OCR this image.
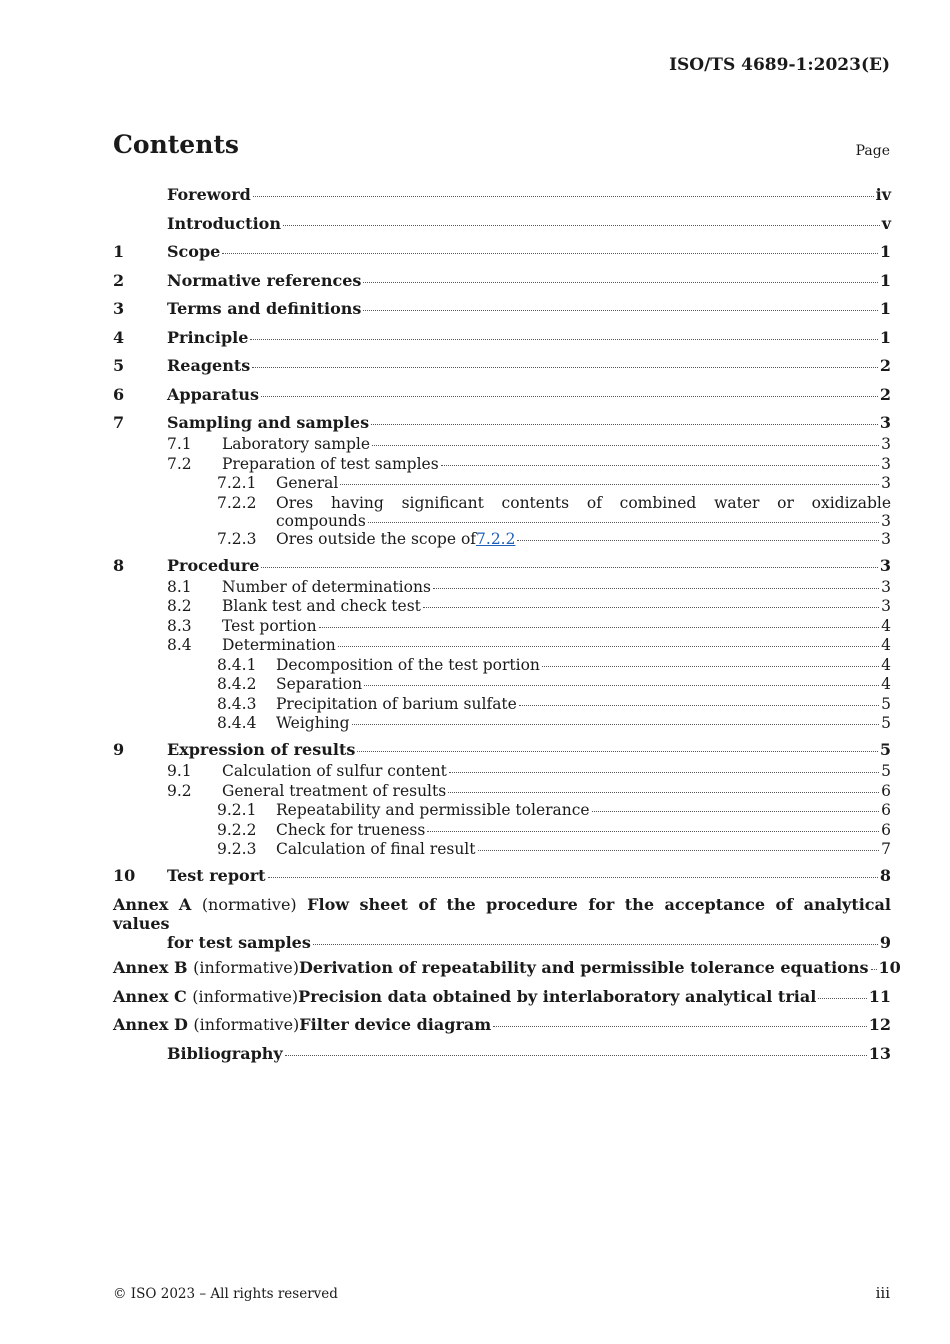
ISO/TS 4689-1:2023(E)
Contents	Page
Foreword	iv
Introduction	v
1	Scope	1
2	Normative references	1
3	Terms and definitions	1
4	Principle	1
5	Reagents	2
6	Apparatus	2
7	Sampling and samples	3
7.1	Laboratory sample	3
7.2	Preparation of test samples	3
7.2.1	General	3
7.2.2	Ores having significant contents of combined water or oxidizable
compounds	3
7.2.3	Ores outside the scope of 7.2.2	3
8	Procedure	3
8.1	Number of determinations	3
8.2	Blank test and check test	3
8.3	Test portion	4
8.4	Determination	4
8.4.1	Decomposition of the test portion	4
8.4.2	Separation	4
8.4.3	Precipitation of barium sulfate	5
8.4.4	Weighing	5
9	Expression of results	5
9.1	Calculation of sulfur content	5
9.2	General treatment of results	6
9.2.1	Repeatability and permissible tolerance	6
9.2.2	Check for trueness	6
9.2.3	Calculation of final result	7
10	Test report	8
Annex A (normative) Flow sheet of the procedure for the acceptance of analytical values
for test samples	9
Annex B (informative) Derivation of repeatability and permissible tolerance equations 10
Annex C (informative) Precision data obtained by interlaboratory analytical trial	11
Annex D (informative) Filter device diagram	12
Bibliography	13
© ISO 2023 – All rights reserved	iii
